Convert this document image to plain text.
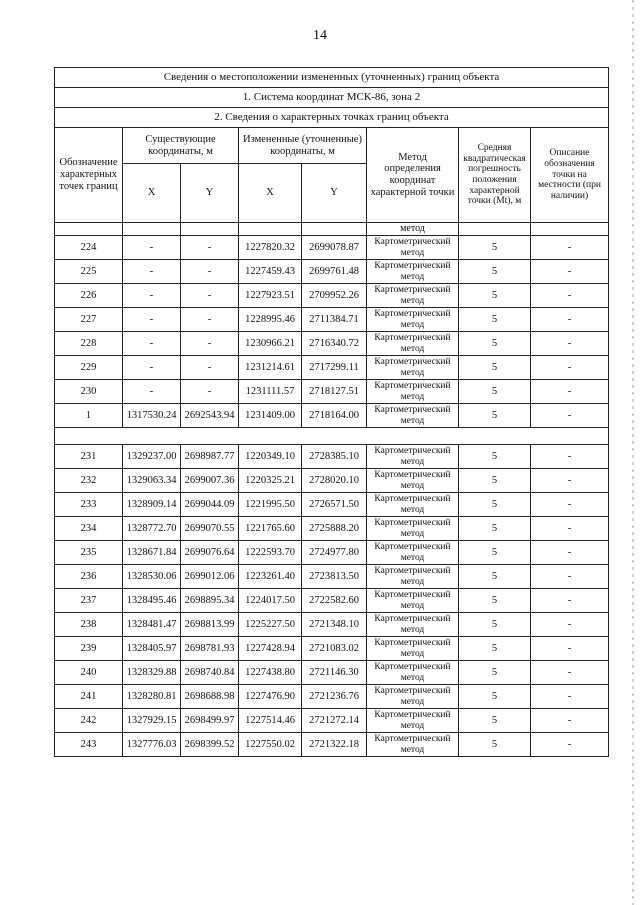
14
Сведения о местоположении измененных (уточненных) границ объекта							
1. Система координат МСК-86, зона 2							
2. Сведения о характерных точках границ объекта							
Обозначение характерных точек границ	Существующие координаты, м		Измененные (уточненные) координаты, м		Метод определения координат характерной точки	Средняя квадратическая погрешность положения характерной точки (Mt), м	Описание обозначения точки на местности (при наличии)
	X	Y	X	Y			
					метод		
224	-	-	1227820.32	2699078.87	Картометрический метод	5	-
225	-	-	1227459.43	2699761.48	Картометрический метод	5	-
226	-	-	1227923.51	2709952.26	Картометрический метод	5	-
227	-	-	1228995.46	2711384.71	Картометрический метод	5	-
228	-	-	1230966.21	2716340.72	Картометрический метод	5	-
229	-	-	1231214.61	2717299.11	Картометрический метод	5	-
230	-	-	1231111.57	2718127.51	Картометрический метод	5	-
1	1317530.24	2692543.94	1231409.00	2718164.00	Картометрический метод	5	-

231	1329237.00	2698987.77	1220349.10	2728385.10	Картометрический метод	5	-
232	1329063.34	2699007.36	1220325.21	2728020.10	Картометрический метод	5	-
233	1328909.14	2699044.09	1221995.50	2726571.50	Картометрический метод	5	-
234	1328772.70	2699070.55	1221765.60	2725888.20	Картометрический метод	5	-
235	1328671.84	2699076.64	1222593.70	2724977.80	Картометрический метод	5	-
236	1328530.06	2699012.06	1223261.40	2723813.50	Картометрический метод	5	-
237	1328495.46	2698895.34	1224017.50	2722582.60	Картометрический метод	5	-
238	1328481.47	2698813.99	1225227.50	2721348.10	Картометрический метод	5	-
239	1328405.97	2698781.93	1227428.94	2721083.02	Картометрический метод	5	-
240	1328329.88	2698740.84	1227438.80	2721146.30	Картометрический метод	5	-
241	1328280.81	2698688.98	1227476.90	2721236.76	Картометрический метод	5	-
242	1327929.15	2698499.97	1227514.46	2721272.14	Картометрический метод	5	-
243	1327776.03	2698399.52	1227550.02	2721322.18	Картометрический метод	5	-
